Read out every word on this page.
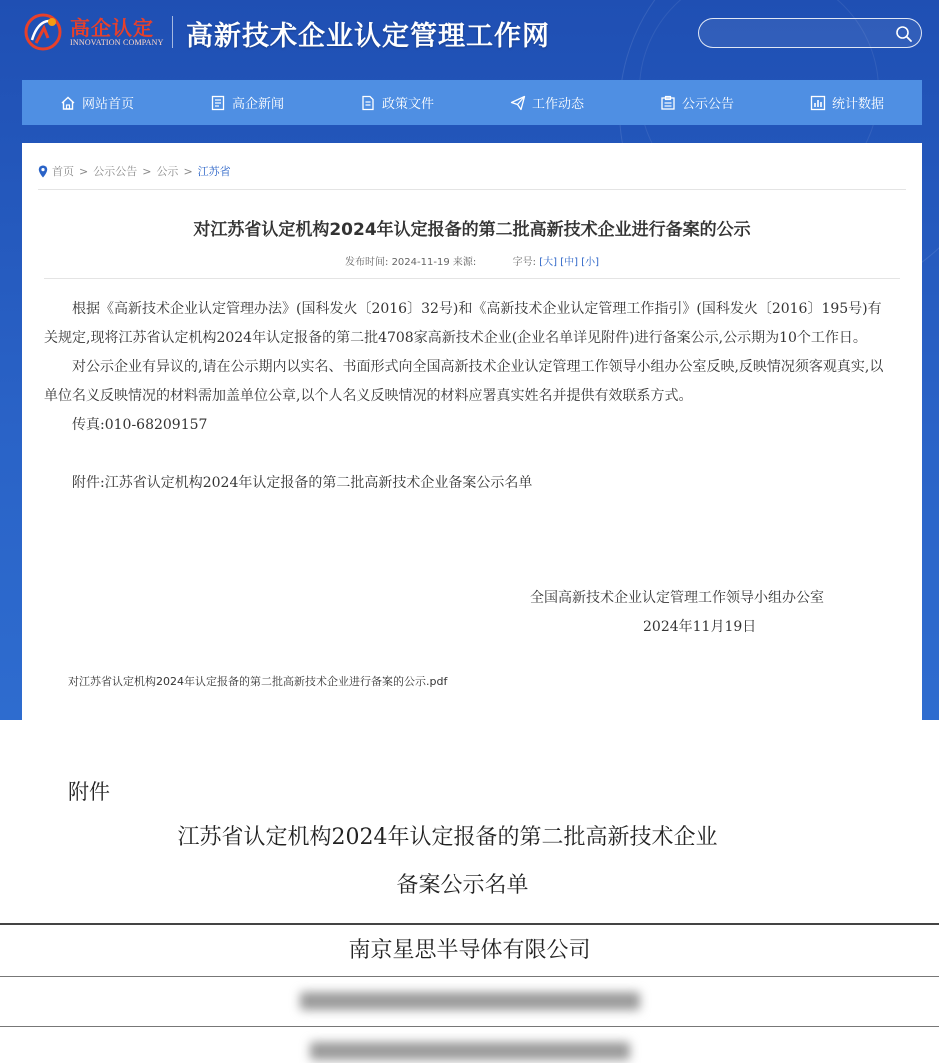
高企认定
INNOVATION COMPANY 高新技术企业认定管理工作网
网站首页	高企新闻	政策文件	工作动态	公示公告	统计数据
首页 > 公示公告 > 公示 > 江苏省
对江苏省认定机构2024年认定报备的第二批高新技术企业进行备案的公示
发布时间: 2024-11-19 来源:	字号: [大] [中] [小]

根据《高新技术企业认定管理办法》(国科发火〔2016〕32号)和《高新技术企业认定管理工作指引》(国科发火〔2016〕195号)有关规定,现将江苏省认定机构2024年认定报备的第二批4708家高新技术企业(企业名单详见附件)进行备案公示,公示期为10个工作日。

对公示企业有异议的,请在公示期内以实名、书面形式向全国高新技术企业认定管理工作领导小组办公室反映,反映情况须客观真实,以单位名义反映情况的材料需加盖单位公章,以个人名义反映情况的材料应署真实姓名并提供有效联系方式。

传真:010-68209157

附件:江苏省认定机构2024年认定报备的第二批高新技术企业备案公示名单

全国高新技术企业认定管理工作领导小组办公室
2024年11月19日
对江苏省认定机构2024年认定报备的第二批高新技术企业进行备案的公示.pdf
附件
江苏省认定机构2024年认定报备的第二批高新技术企业
备案公示名单
南京星思半导体有限公司
